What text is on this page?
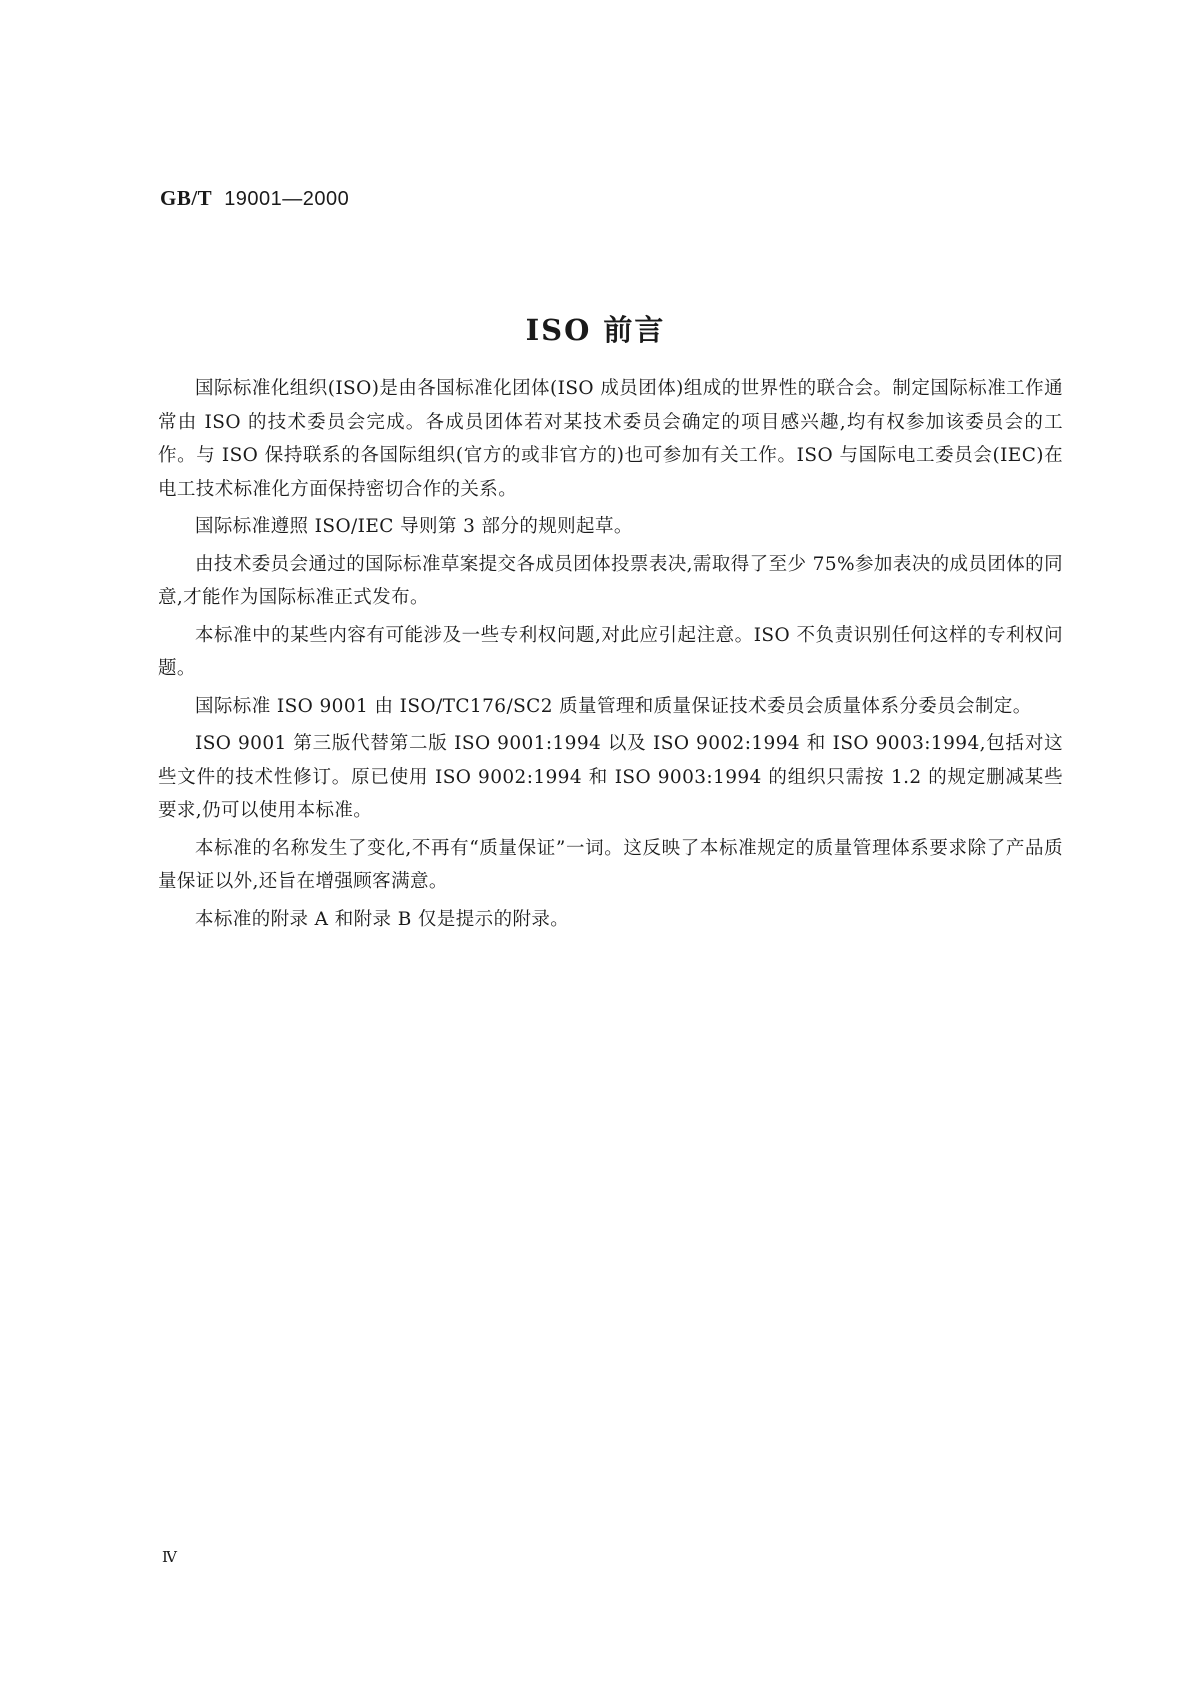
GB/T 19001—2000
ISO 前言

国际标准化组织(ISO)是由各国标准化团体(ISO 成员团体)组成的世界性的联合会。制定国际标准工作通常由 ISO 的技术委员会完成。各成员团体若对某技术委员会确定的项目感兴趣,均有权参加该委员会的工作。与 ISO 保持联系的各国际组织(官方的或非官方的)也可参加有关工作。ISO 与国际电工委员会(IEC)在电工技术标准化方面保持密切合作的关系。

国际标准遵照 ISO/IEC 导则第 3 部分的规则起草。

由技术委员会通过的国际标准草案提交各成员团体投票表决,需取得了至少 75%参加表决的成员团体的同意,才能作为国际标准正式发布。

本标准中的某些内容有可能涉及一些专利权问题,对此应引起注意。ISO 不负责识别任何这样的专利权问题。

国际标准 ISO 9001 由 ISO/TC176/SC2 质量管理和质量保证技术委员会质量体系分委员会制定。

ISO 9001 第三版代替第二版 ISO 9001:1994 以及 ISO 9002:1994 和 ISO 9003:1994,包括对这些文件的技术性修订。原已使用 ISO 9002:1994 和 ISO 9003:1994 的组织只需按 1.2 的规定删减某些要求,仍可以使用本标准。

本标准的名称发生了变化,不再有“质量保证”一词。这反映了本标准规定的质量管理体系要求除了产品质量保证以外,还旨在增强顾客满意。

本标准的附录 A 和附录 B 仅是提示的附录。

Ⅳ
